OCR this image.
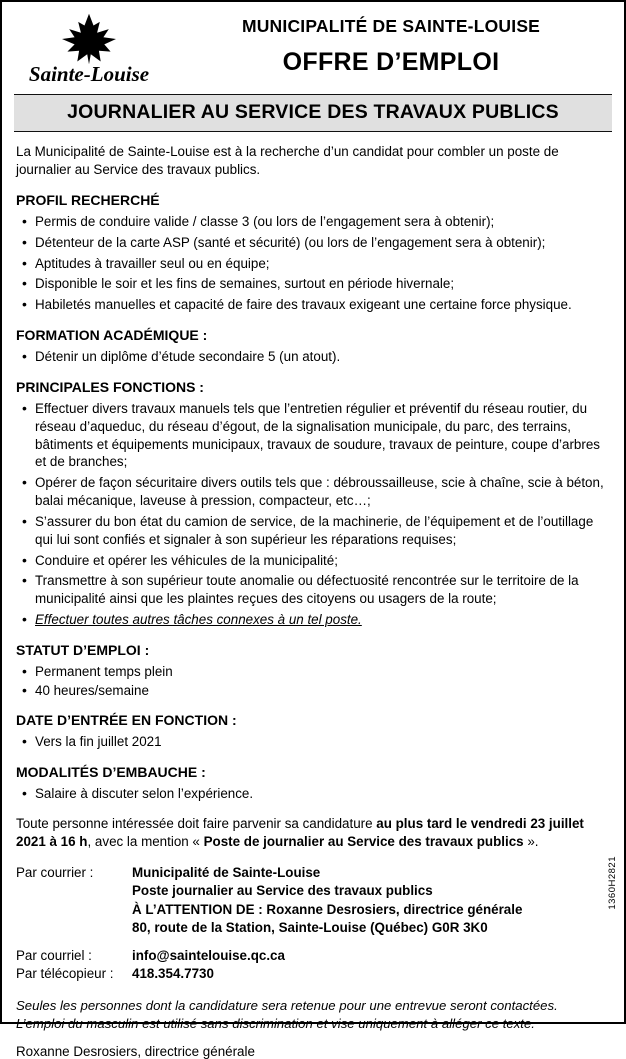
Sainte-Louise
MUNICIPALITÉ DE SAINTE-LOUISE
OFFRE D’EMPLOI
JOURNALIER AU SERVICE DES TRAVAUX PUBLICS

La Municipalité de Sainte-Louise est à la recherche d’un candidat pour combler un poste de journalier au Service des travaux publics.

PROFIL RECHERCHÉ
• Permis de conduire valide / classe 3 (ou lors de l’engagement sera à obtenir);
• Détenteur de la carte ASP (santé et sécurité) (ou lors de l’engagement sera à obtenir);
• Aptitudes à travailler seul ou en équipe;
• Disponible le soir et les fins de semaines, surtout en période hivernale;
• Habiletés manuelles et capacité de faire des travaux exigeant une certaine force physique.
FORMATION ACADÉMIQUE :
• Détenir un diplôme d’étude secondaire 5 (un atout).
PRINCIPALES FONCTIONS :
• Effectuer divers travaux manuels tels que l’entretien régulier et préventif du réseau routier, du réseau d’aqueduc, du réseau d’égout, de la signalisation municipale, du parc, des terrains, bâtiments et équipements municipaux, travaux de soudure, travaux de peinture, coupe d’arbres et de branches;
• Opérer de façon sécuritaire divers outils tels que : débroussailleuse, scie à chaîne, scie à béton, balai mécanique, laveuse à pression, compacteur, etc…;
• S’assurer du bon état du camion de service, de la machinerie, de l’équipement et de l’outillage qui lui sont confiés et signaler à son supérieur les réparations requises;
• Conduire et opérer les véhicules de la municipalité;
• Transmettre à son supérieur toute anomalie ou défectuosité rencontrée sur le territoire de la municipalité ainsi que les plaintes reçues des citoyens ou usagers de la route;
• Effectuer toutes autres tâches connexes à un tel poste.
STATUT D’EMPLOI :
• Permanent temps plein
• 40 heures/semaine
DATE D’ENTRÉE EN FONCTION :
• Vers la fin juillet 2021
MODALITÉS D’EMBAUCHE :
• Salaire à discuter selon l’expérience.

Toute personne intéressée doit faire parvenir sa candidature au plus tard le vendredi 23 juillet 2021 à 16 h, avec la mention « Poste de journalier au Service des travaux publics ».

Par courrier :	Municipalité de Sainte-Louise
Poste journalier au Service des travaux publics
À L’ATTENTION DE : Roxanne Desrosiers, directrice générale
80, route de la Station, Sainte-Louise (Québec) G0R 3K0
Par courriel :	info@saintelouise.qc.ca
Par télécopieur :	418.354.7730
Seules les personnes dont la candidature sera retenue pour une entrevue seront contactées.
L’emploi du masculin est utilisé sans discrimination et vise uniquement à alléger ce texte.
Roxanne Desrosiers, directrice générale
1360H2821
